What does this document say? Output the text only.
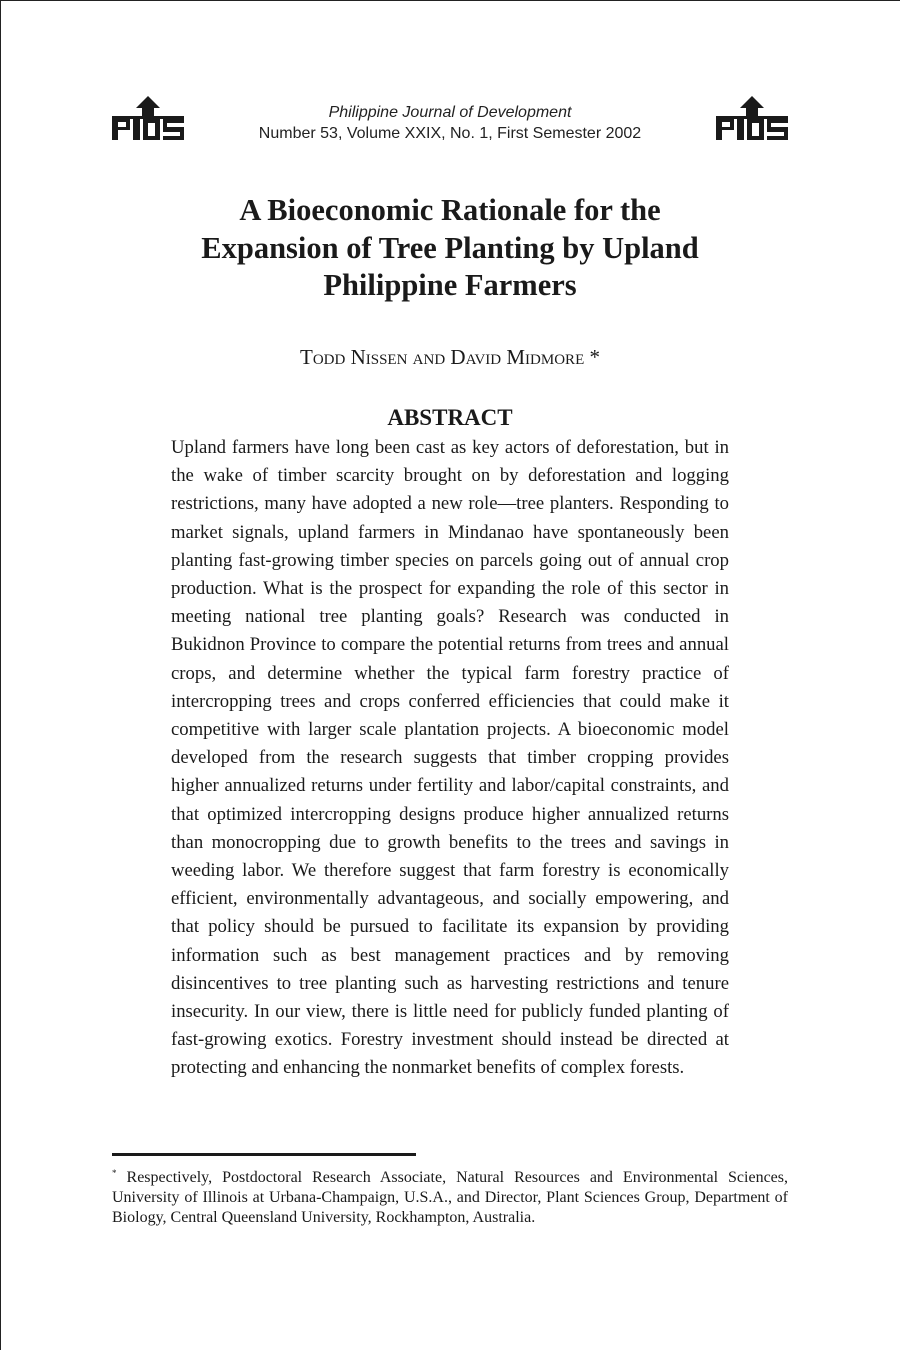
Philippine Journal of Development
Number 53, Volume XXIX, No. 1, First Semester 2002
A Bioeconomic Rationale for the
Expansion of Tree Planting by Upland
Philippine Farmers
Todd Nissen and David Midmore *
ABSTRACT
Upland farmers have long been cast as key actors of deforestation, but in the wake of timber scarcity brought on by deforestation and logging restrictions, many have adopted a new role—tree planters. Responding to market signals, upland farmers in Mindanao have spontaneously been planting fast-growing timber species on parcels going out of annual crop production. What is the prospect for expanding the role of this sector in meeting national tree planting goals? Research was conducted in Bukidnon Province to compare the potential returns from trees and annual crops, and determine whether the typical farm forestry practice of intercropping trees and crops conferred efficiencies that could make it competitive with larger scale plantation projects. A bioeconomic model developed from the research suggests that timber cropping provides higher annualized returns under fertility and labor/capital constraints, and that optimized intercropping designs produce higher annualized returns than monocropping due to growth benefits to the trees and savings in weeding labor. We therefore suggest that farm forestry is economically efficient, environmentally advantageous, and socially empowering, and that policy should be pursued to facilitate its expansion by providing information such as best management practices and by removing disincentives to tree planting such as harvesting restrictions and tenure insecurity. In our view, there is little need for publicly funded planting of fast-growing exotics. Forestry investment should instead be directed at protecting and enhancing the nonmarket benefits of complex forests.
* Respectively, Postdoctoral Research Associate, Natural Resources and Environmental Sciences, University of Illinois at Urbana-Champaign, U.S.A., and Director, Plant Sciences Group, Department of Biology, Central Queensland University, Rockhampton, Australia.
